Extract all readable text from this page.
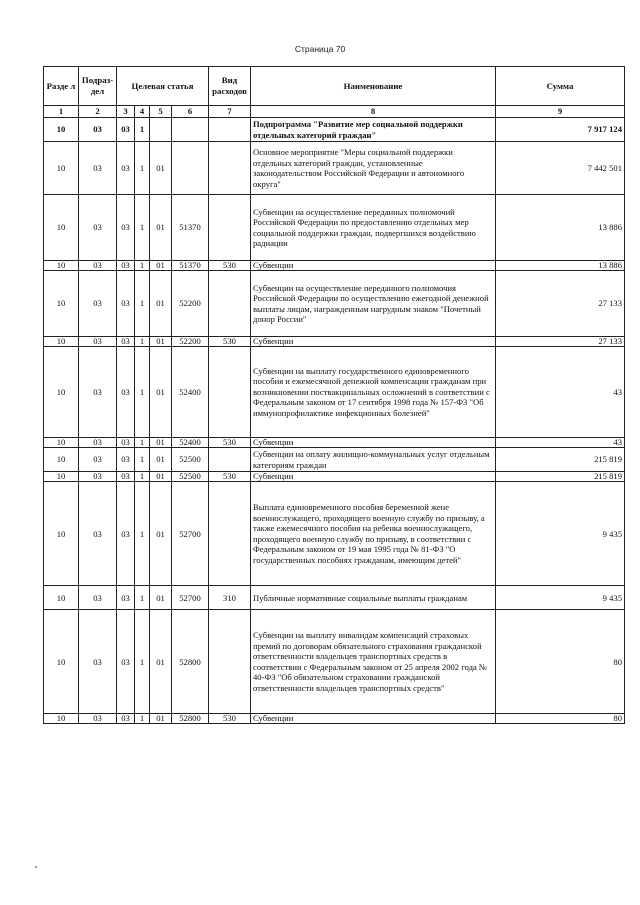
Страница 70
Разде л	Подраз- дел	Целевая статья				Вид расходов	Наименование	Сумма
1	2	3	4	5	6	7	8	9
10	03	03	1				Подпрограмма "Развитие мер социальной поддержки отдельных категорий граждан"	7 917 124
10	03	03	1	01			Основное мероприятие "Меры социальной поддержки отдельных категорий граждан, установленные законодательством Российской Федерации и автономного округа"	7 442 501
10	03	03	1	01	51370		Субвенции на осуществление переданных полномочий Российской Федерации по предоставлению отдельных мер социальной поддержки граждан, подвергшихся воздействию радиации	13 886
10	03	03	1	01	51370	530	Субвенции	13 886
10	03	03	1	01	52200		Субвенции на осуществление переданного полномочия Российской Федерации по осуществлению ежегодной денежной выплаты лицам, награжденным нагрудным знаком "Почетный донор России"	27 133
10	03	03	1	01	52200	530	Субвенции	27 133
10	03	03	1	01	52400		Субвенции на выплату государственного единовременного пособия и ежемесячной денежной компенсации гражданам при возникновении поствакцинальных осложнений в соответствии с Федеральным законом от 17 сентября 1998 года № 157-ФЗ "Об иммунопрофилактике инфекционных болезней"	43
10	03	03	1	01	52400	530	Субвенции	43
10	03	03	1	01	52500		Субвенции на оплату жилищно-коммунальных услуг отдельным категориям граждан	215 819
10	03	03	1	01	52500	530	Субвенции	215 819
10	03	03	1	01	52700		Выплата единовременного пособия беременной жене военнослужащего, проходящего военную службу по призыву, а также ежемесячного пособия на ребенка военнослужащего, проходящего военную службу по призыву, в соответствии с Федеральным законом от 19 мая 1995 года № 81-ФЗ "О государственных пособиях гражданам, имеющим детей"	9 435
10	03	03	1	01	52700	310	Публичные нормативные социальные выплаты гражданам	9 435
10	03	03	1	01	52800		Субвенции на выплату инвалидам компенсаций страховых премий по договорам обязательного страхования гражданской ответственности владельцев транспортных средств в соответствии с Федеральным законом от 25 апреля 2002 года № 40-ФЗ "Об обязательном страховании гражданской ответственности владельцев транспортных средств"	80
10	03	03	1	01	52800	530	Субвенции	80
